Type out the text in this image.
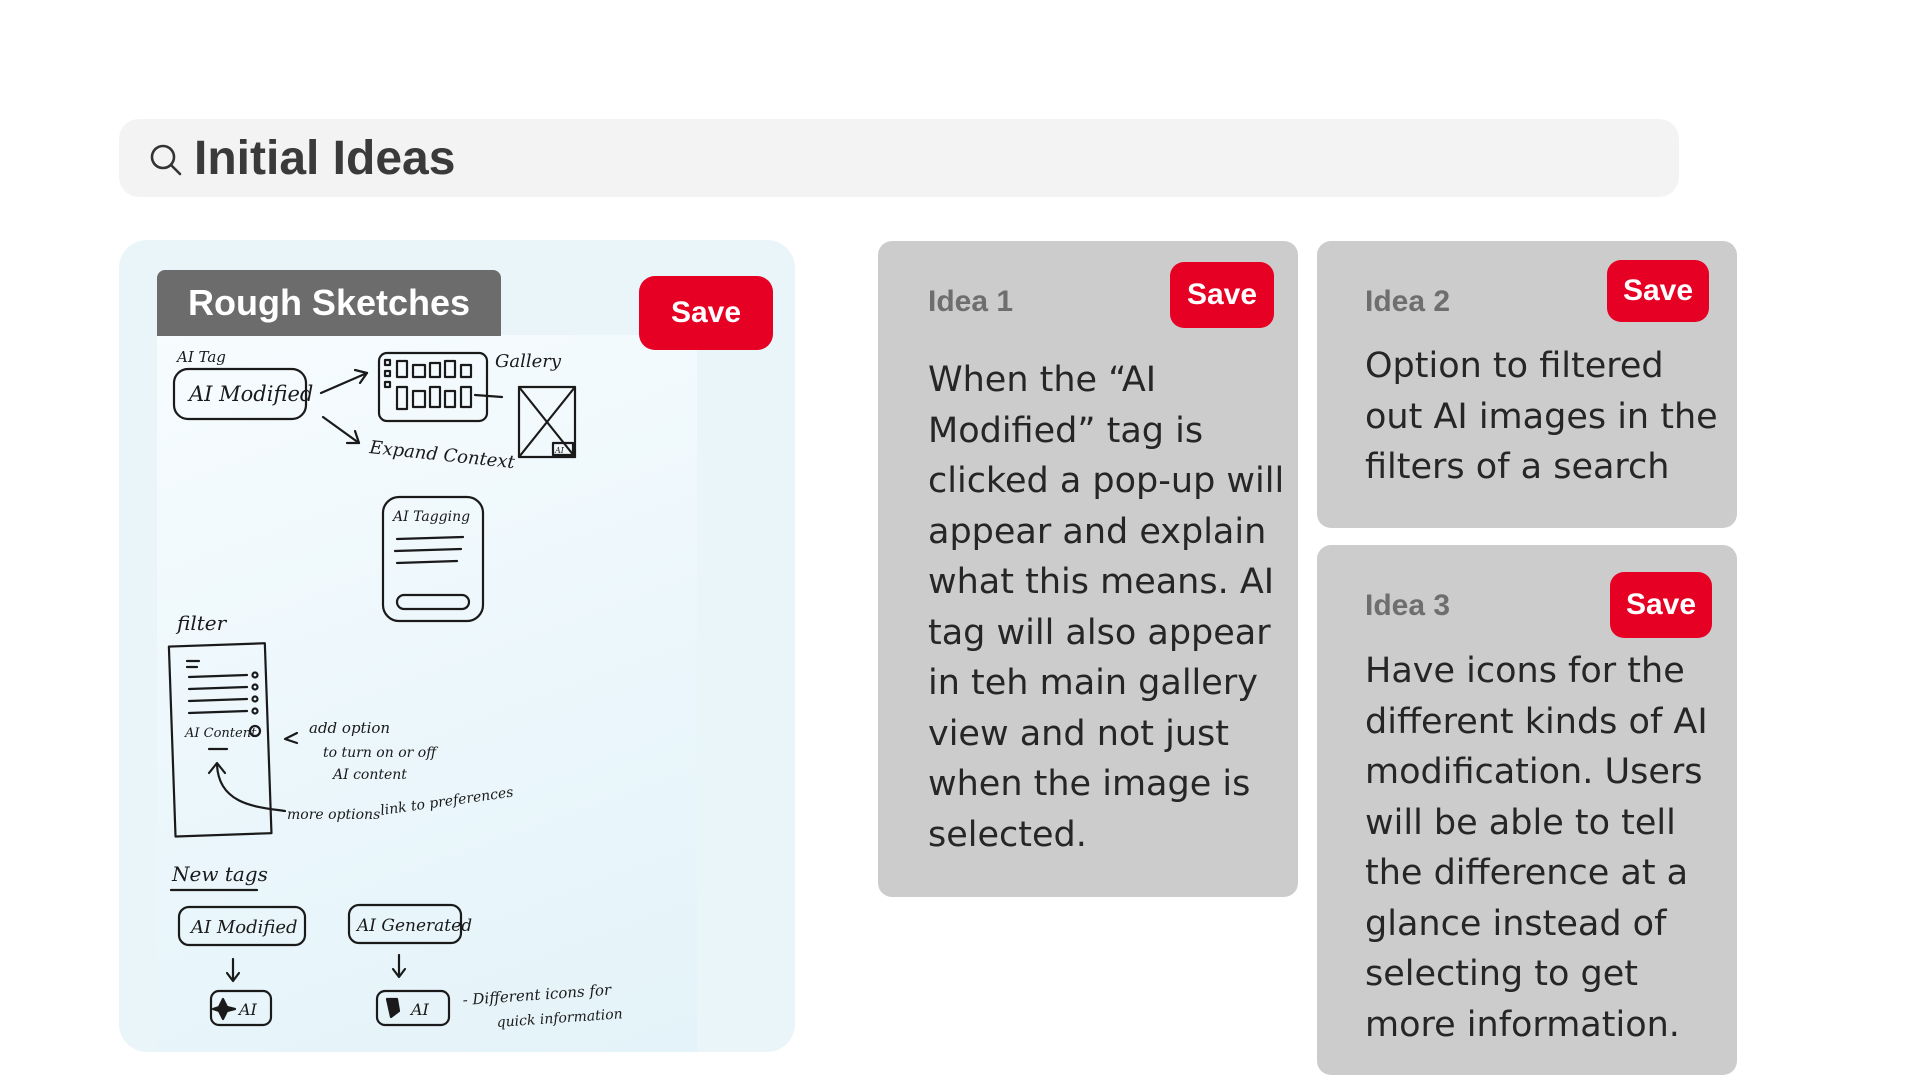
Initial Ideas
AI Tag
AI Modified
Gallery
AI
Expand Context
AI Tagging
filter
AI Content	add option
to turn on or off
AI content
more options link to preferences
New tags
AI Modified	AI Generated
AI	AI
- Different icons for
quick information
Rough Sketches	Save	Idea 1	Save
When the “AI
Modified” tag is
clicked a pop-up will
appear and explain
what this means. AI
tag will also appear
in teh main gallery
view and not just
when the image is
selected.
Idea 2	Save
Option to filtered
out AI images in the
filters of a search
Idea 3	Save
Have icons for the
different kinds of AI
modification. Users
will be able to tell
the difference at a
glance instead of
selecting to get
more information.
